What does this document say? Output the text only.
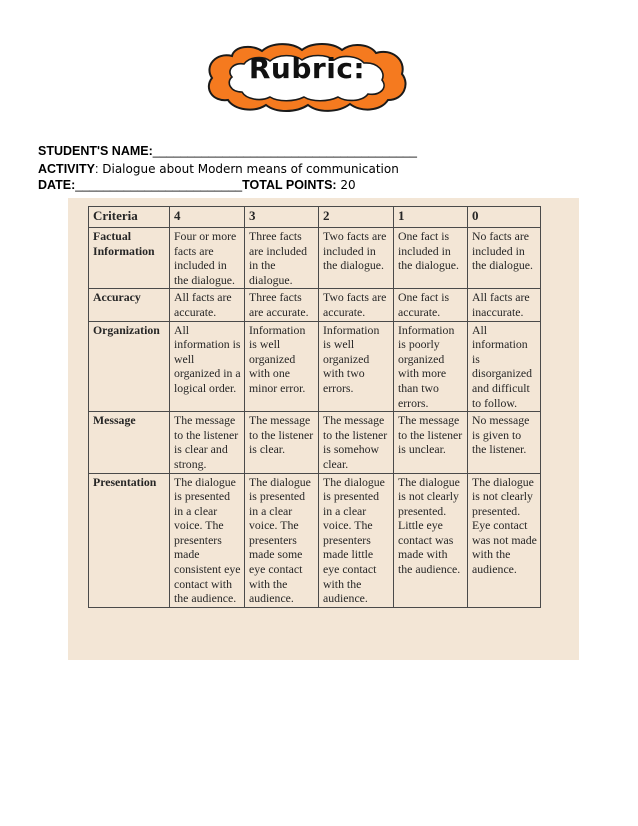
Rubric:
STUDENT'S NAME:______________________________________
ACTIVITY: Dialogue about Modern means of communication
DATE:________________________TOTAL POINTS: 20
Criteria	4	3	2	1	0
Factual Information	Four or more facts are included in the dialogue.	Three facts are included in the dialogue.	Two facts are included in the dialogue.	One fact is included in the dialogue.	No facts are included in the dialogue.
Accuracy	All facts are accurate.	Three facts are accurate.	Two facts are accurate.	One fact is accurate.	All facts are inaccurate.
Organization	All information is well organized in a logical order.	Information is well organized with one minor error.	Information is well organized with two errors.	Information is poorly organized with more than two errors.	All information is disorganized and difficult to follow.
Message	The message to the listener is clear and strong.	The message to the listener is clear.	The message to the listener is somehow clear.	The message to the listener is unclear.	No message is given to the listener.
Presentation	The dialogue is presented in a clear voice. The presenters made consistent eye contact with the audience.	The dialogue is presented in a clear voice. The presenters made some eye contact with the audience.	The dialogue is presented in a clear voice. The presenters made little eye contact with the audience.	The dialogue is not clearly presented. Little eye contact was made with the audience.	The dialogue is not clearly presented. Eye contact was not made with the audience.
